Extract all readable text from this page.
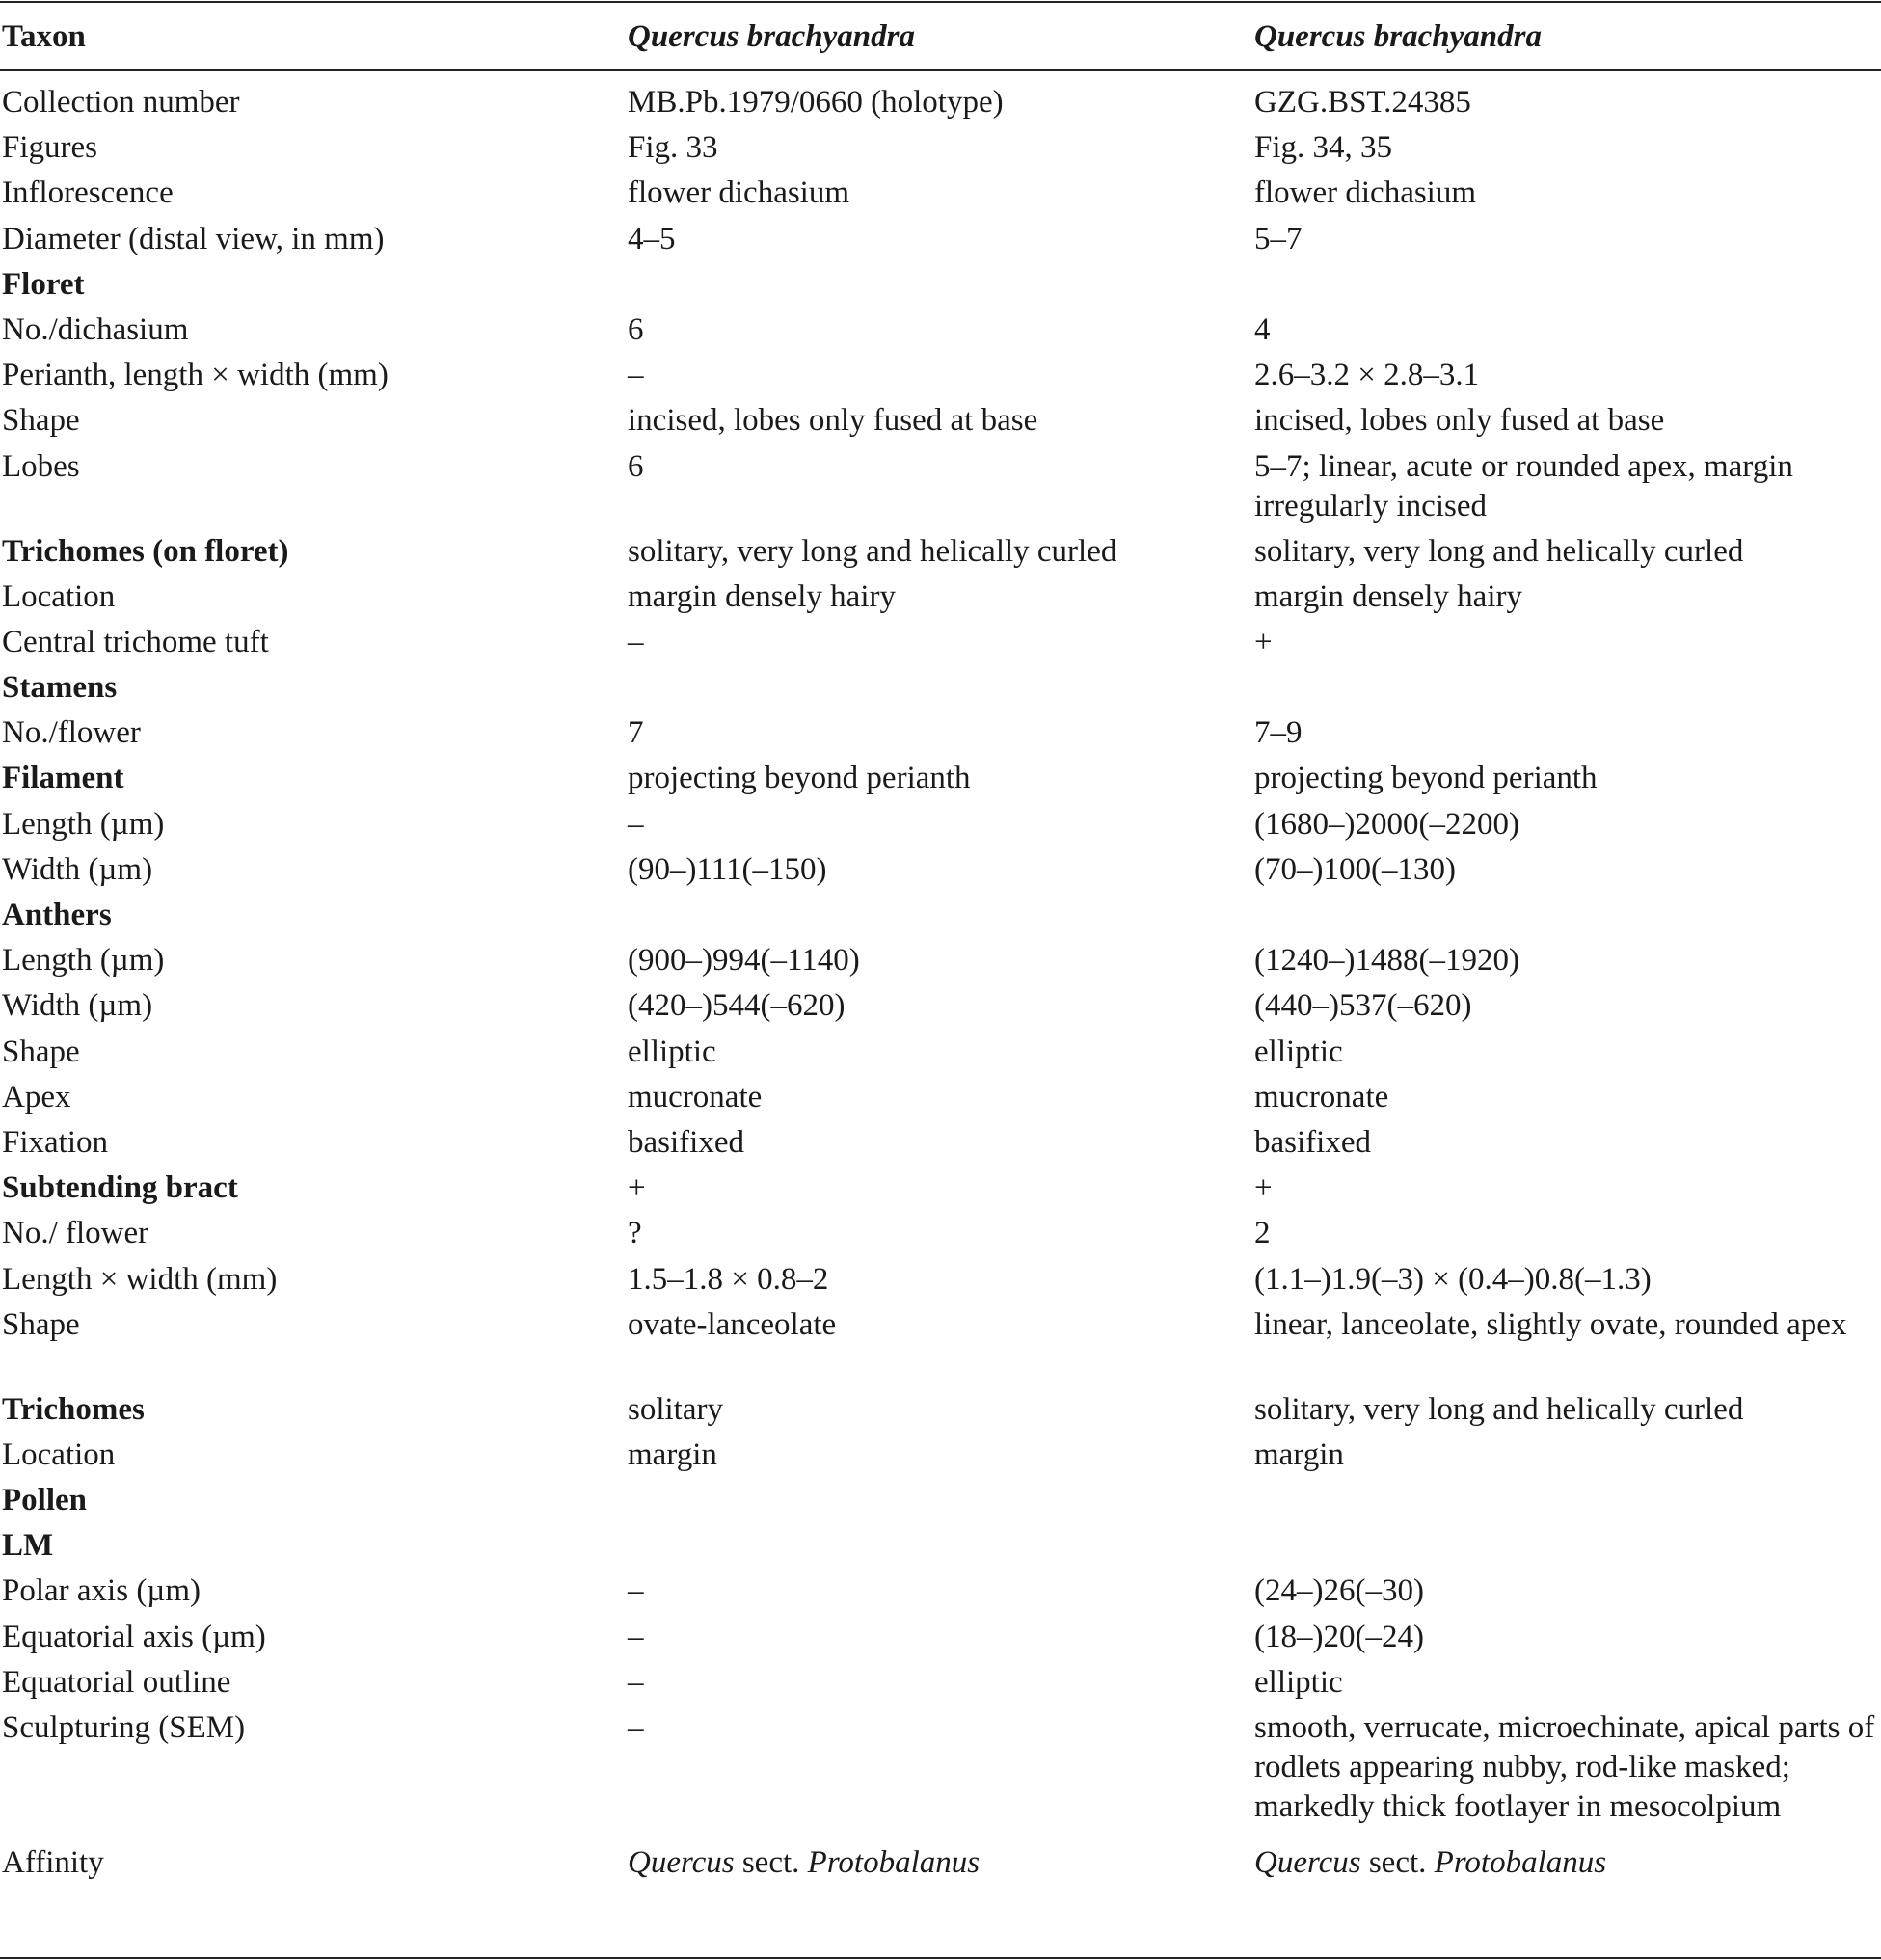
Taxon	Quercus brachyandra	Quercus brachyandra
Collection number	MB.Pb.1979/0660 (holotype)	GZG.BST.24385
Figures	Fig. 33	Fig. 34, 35
Inflorescence	flower dichasium	flower dichasium
Diameter (distal view, in mm)	4–5	5–7
Floret
No./dichasium	6	4
Perianth, length × width (mm)	–	2.6–3.2 × 2.8–3.1
Shape	incised, lobes only fused at base	incised, lobes only fused at base
Lobes	6	5–7; linear, acute or rounded apex, margin irregularly incised
Trichomes (on floret)	solitary, very long and helically curled	solitary, very long and helically curled
Location	margin densely hairy	margin densely hairy
Central trichome tuft	–	+
Stamens
No./flower	7	7–9
Filament	projecting beyond perianth	projecting beyond perianth
Length (µm)	–	(1680–)2000(–2200)
Width (µm)	(90–)111(–150)	(70–)100(–130)
Anthers
Length (µm)	(900–)994(–1140)	(1240–)1488(–1920)
Width (µm)	(420–)544(–620)	(440–)537(–620)
Shape	elliptic	elliptic
Apex	mucronate	mucronate
Fixation	basifixed	basifixed
Subtending bract	+	+
No./ flower	?	2
Length × width (mm)	1.5–1.8 × 0.8–2	(1.1–)1.9(–3) × (0.4–)0.8(–1.3)
Shape	ovate-lanceolate	linear, lanceolate, slightly ovate, rounded apex
Trichomes	solitary	solitary, very long and helically curled
Location	margin	margin
Pollen
LM
Polar axis (µm)	–	(24–)26(–30)
Equatorial axis (µm)	–	(18–)20(–24)
Equatorial outline	–	elliptic
Sculpturing (SEM)	–	smooth, verrucate, microechinate, apical parts of rodlets appearing nubby, rod-like masked; markedly thick footlayer in mesocolpium
Affinity	Quercus sect. Protobalanus	Quercus sect. Protobalanus
